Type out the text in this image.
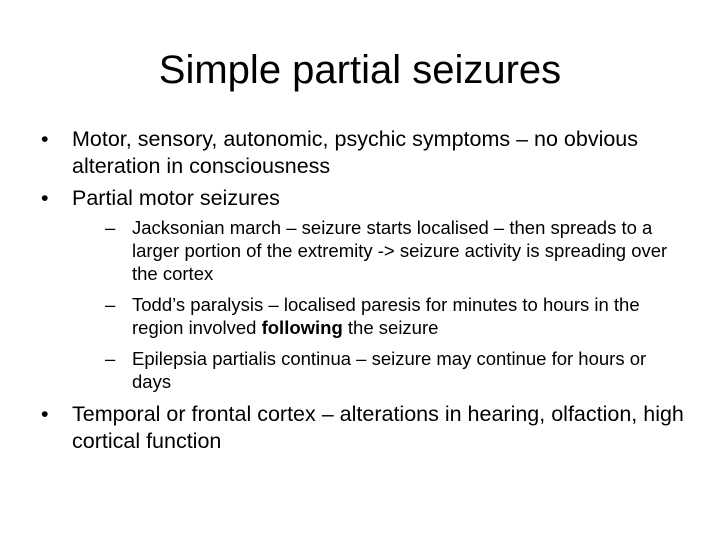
Simple partial seizures
•	Motor, sensory, autonomic, psychic symptoms – no obvious alteration in consciousness
•	Partial motor seizures
– Jacksonian march – seizure starts localised – then spreads to a larger portion of the extremity -> seizure activity is spreading over the cortex
– Todd’s paralysis – localised paresis for minutes to hours in the region involved following the seizure
– Epilepsia partialis continua – seizure may continue for hours or days
•	Temporal or frontal cortex – alterations in hearing, olfaction, high cortical function
